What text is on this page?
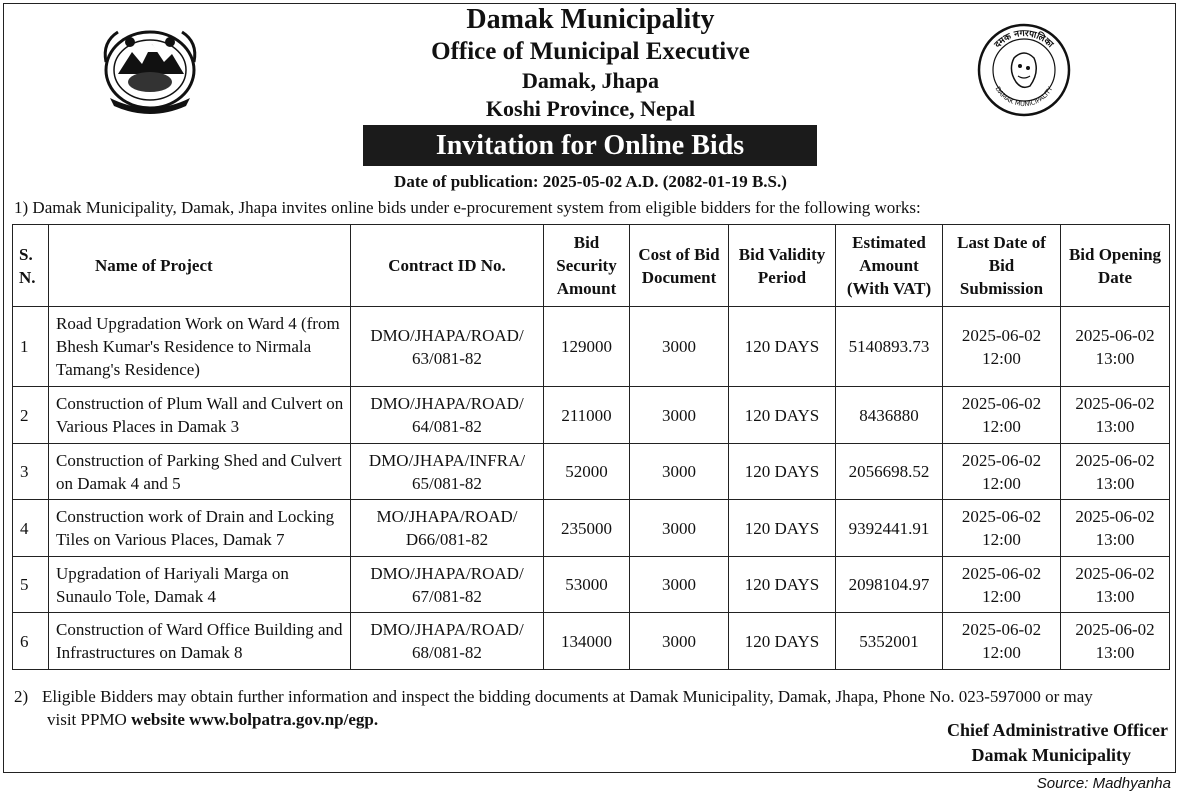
दमक नगरपालिका
DAMAK MUNICIPALITY
Damak Municipality
Office of Municipal Executive
Damak, Jhapa
Koshi Province, Nepal
Invitation for Online Bids
Date of publication: 2025-05-02 A.D. (2082-01-19 B.S.)
1) Damak Municipality, Damak, Jhapa invites online bids under e-procurement system from eligible bidders for the following works:
S. N.	Name of Project	Contract ID No.	Bid Security Amount	Cost of Bid Document	Bid Validity Period	Estimated Amount (With VAT)	Last Date of Bid Submission	Bid Opening Date
1	Road Upgradation Work on Ward 4 (from Bhesh Kumar's Residence to Nirmala Tamang's Residence)	DMO/JHAPA/ROAD/ 63/081-82	129000	3000	120 DAYS	5140893.73	2025-06-02 12:00	2025-06-02 13:00
2	Construction of Plum Wall and Culvert on Various Places in Damak 3	DMO/JHAPA/ROAD/ 64/081-82	211000	3000	120 DAYS	8436880	2025-06-02 12:00	2025-06-02 13:00
3	Construction of Parking Shed and Culvert on Damak 4 and 5	DMO/JHAPA/INFRA/ 65/081-82	52000	3000	120 DAYS	2056698.52	2025-06-02 12:00	2025-06-02 13:00
4	Construction work of Drain and Locking Tiles on Various Places, Damak 7	MO/JHAPA/ROAD/ D66/081-82	235000	3000	120 DAYS	9392441.91	2025-06-02 12:00	2025-06-02 13:00
5	Upgradation of Hariyali Marga on Sunaulo Tole, Damak 4	DMO/JHAPA/ROAD/ 67/081-82	53000	3000	120 DAYS	2098104.97	2025-06-02 12:00	2025-06-02 13:00
6	Construction of Ward Office Building and Infrastructures on Damak 8	DMO/JHAPA/ROAD/ 68/081-82	134000	3000	120 DAYS	5352001	2025-06-02 12:00	2025-06-02 13:00
2) Eligible Bidders may obtain further information and inspect the bidding documents at Damak Municipality, Damak, Jhapa, Phone No. 023-597000 or may
visit PPMO website www.bolpatra.gov.np/egp.
Chief Administrative Officer
Damak Municipality
Source: Madhyanha
